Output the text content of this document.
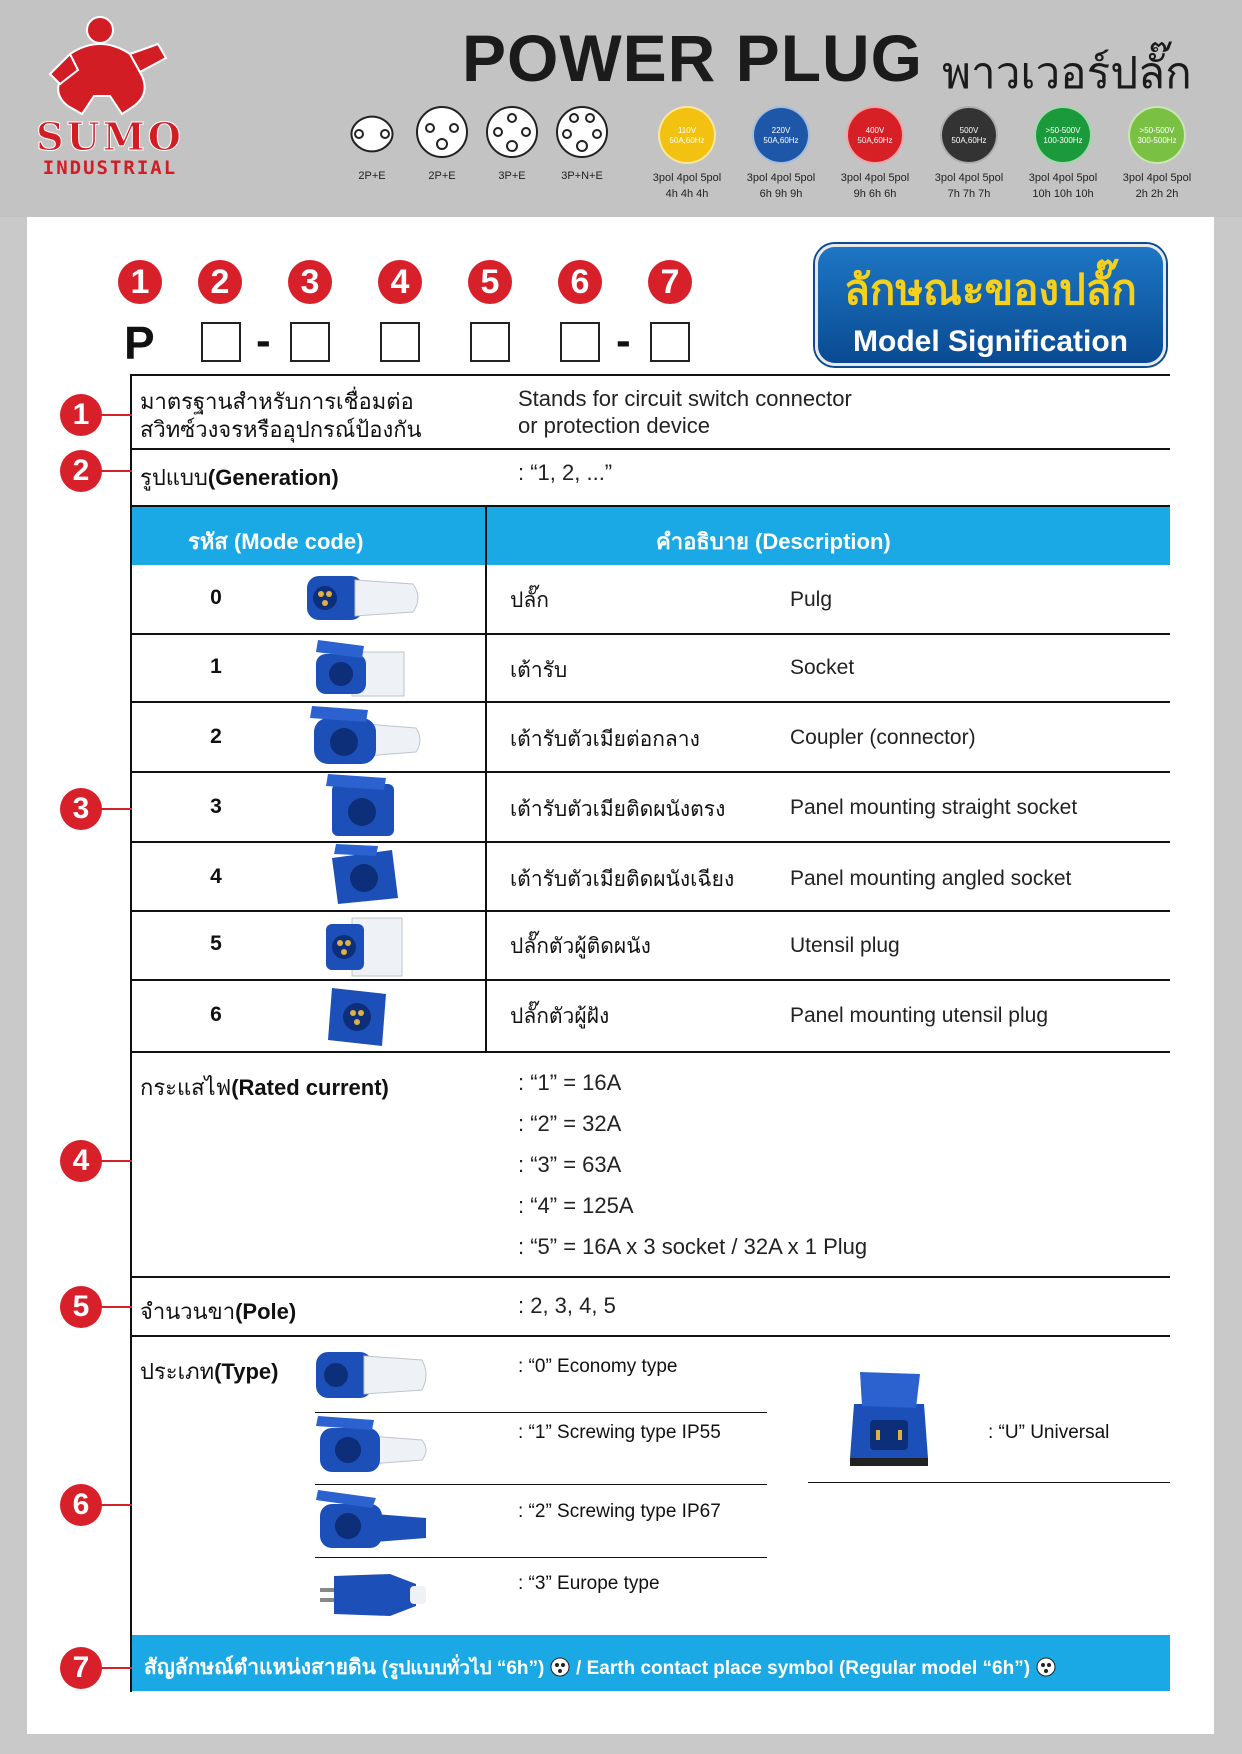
SUMO
INDUSTRIAL
POWER PLUG พาวเวอร์ปลั๊ก
2P+E	2P+E	3P+E	3P+N+E
110V
50A,60Hz
3pol 4pol 5pol
4h 4h 4h
220V
50A,60Hz
3pol 4pol 5pol
6h 9h 9h
400V
50A,60Hz
3pol 4pol 5pol
9h 6h 6h
500V
50A,60Hz
3pol 4pol 5pol
7h 7h 7h
>50-500V
100-300Hz
3pol 4pol 5pol
10h 10h 10h
>50-500V
300-500Hz
3pol 4pol 5pol
2h 2h 2h
1	2	3	4	5	6	7
P -	-
ลักษณะของปลั๊ก
Model Signification
มาตรฐานสำหรับการเชื่อมต่อ
สวิทซ์วงจรหรืออุปกรณ์ป้องกัน
Stands for circuit switch connector
or protection device
รูปแบบ(Generation)	: “1, 2, ...”
รหัส (Mode code)	คำอธิบาย (Description)
0	ปลั๊ก	Pulg
1	เต้ารับ	Socket
2	เต้ารับตัวเมียต่อกลาง	Coupler (connector)
3	เต้ารับตัวเมียติดผนังตรง	Panel mounting straight socket
4	เต้ารับตัวเมียติดผนังเฉียง	Panel mounting angled socket
5	ปลั๊กตัวผู้ติดผนัง	Utensil plug
6	ปลั๊กตัวผู้ฝัง	Panel mounting utensil plug
กระแสไฟ(Rated current)	: “1” = 16A
: “2” = 32A
: “3” = 63A
: “4” = 125A
: “5” = 16A x 3 socket / 32A x 1 Plug
จำนวนขา(Pole)	: 2, 3, 4, 5
ประเภท(Type)	: “0” Economy type
: “1” Screwing type IP55
: “2” Screwing type IP67
: “3” Europe type
: “U” Universal
สัญลักษณ์ตำแหน่งสายดิน (รูปแบบทั่วไป “6h”) / Earth contact place symbol (Regular model “6h”)
1
2
3
4
5
6
7
